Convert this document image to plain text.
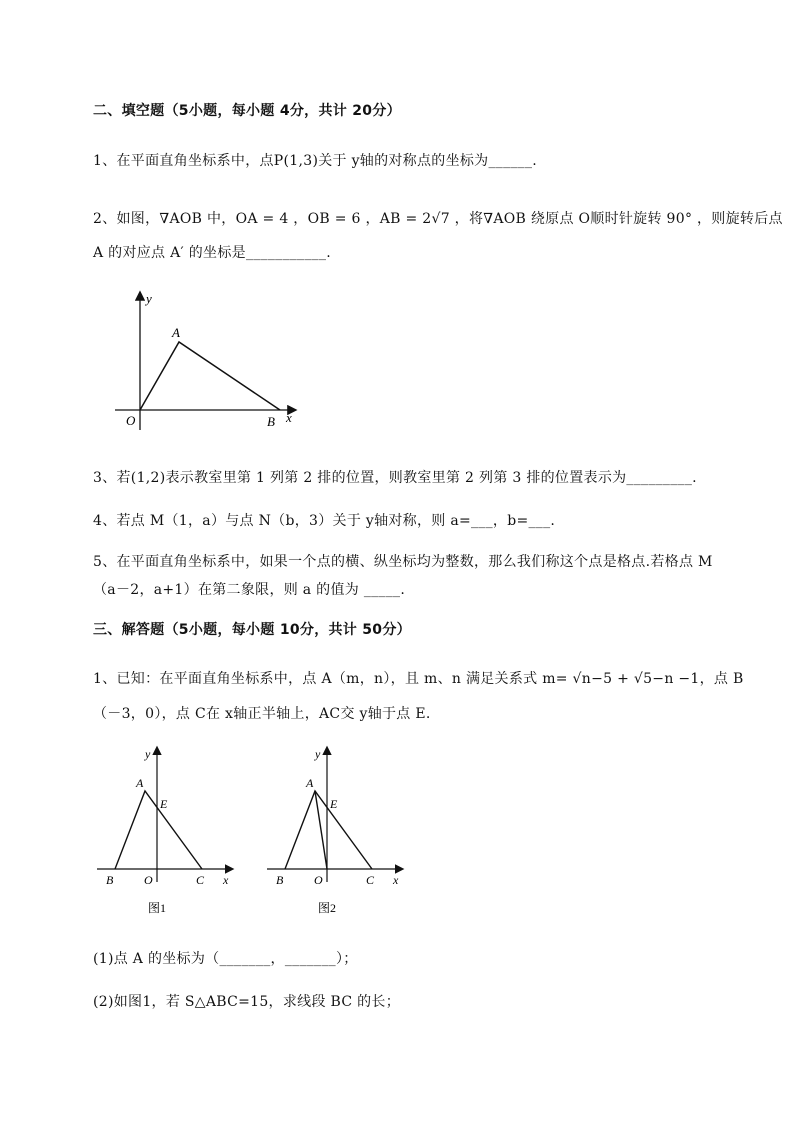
二、填空题（5小题，每小题 4分，共计 20分）
1、在平面直角坐标系中，点P(1,3)关于 y轴的对称点的坐标为______.
2、如图，∇AOB 中，OA = 4 ，OB = 6 ，AB = 2√7 ，将∇AOB 绕原点 O顺时针旋转 90° ，则旋转后点
A 的对应点 A′ 的坐标是___________.
y
x
A
O	B
3、若(1,2)表示教室里第 1 列第 2 排的位置，则教室里第 2 列第 3 排的位置表示为_________.
4、若点 M（1，a）与点 N（b，3）关于 y轴对称，则 a=___，b=___.
5、在平面直角坐标系中，如果一个点的横、纵坐标均为整数，那么我们称这个点是格点.若格点 M
（a－2，a+1）在第二象限，则 a 的值为 _____.
三、解答题（5小题，每小题 10分，共计 50分）
1、已知：在平面直角坐标系中，点 A（m，n），且 m、n 满足关系式 m= √n−5 + √5−n −1，点 B
（－3，0），点 C在 x轴正半轴上，AC交 y轴于点 E.
y
A
E
B	O	C x
图1
y
A
E
B	O	C x
图2
(1)点 A 的坐标为（_______，_______）；
(2)如图1，若 S△ABC=15，求线段 BC 的长；
